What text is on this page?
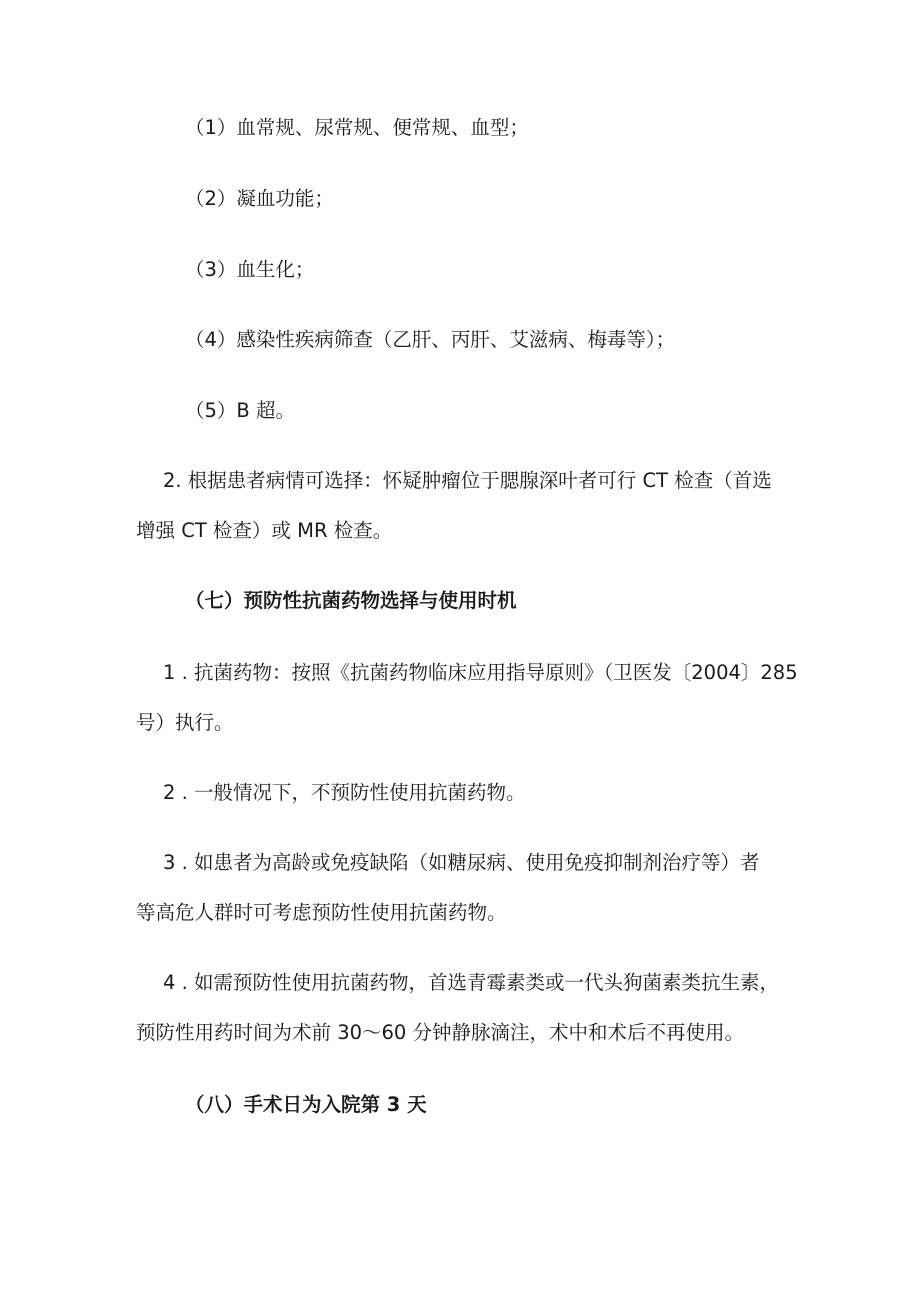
（1）血常规、尿常规、便常规、血型；
（2）凝血功能；
（3）血生化；
（4）感染性疾病筛查（乙肝、丙肝、艾滋病、梅毒等）；
（5）B 超。
2. 根据患者病情可选择：怀疑肿瘤位于腮腺深叶者可行 CT 检查（首选
增强 CT 检查）或 MR 检查。
（七）预防性抗菌药物选择与使用时机
1 . 抗菌药物：按照《抗菌药物临床应用指导原则》（卫医发〔2004〕285
号）执行。
2 . 一般情况下，不预防性使用抗菌药物。
3 . 如患者为高龄或免疫缺陷（如糖尿病、使用免疫抑制剂治疗等）者
等高危人群时可考虑预防性使用抗菌药物。
4 . 如需预防性使用抗菌药物，首选青霉素类或一代头狗菌素类抗生素，
预防性用药时间为术前 30～60 分钟静脉滴注，术中和术后不再使用。
（八）手术日为入院第 3 天
